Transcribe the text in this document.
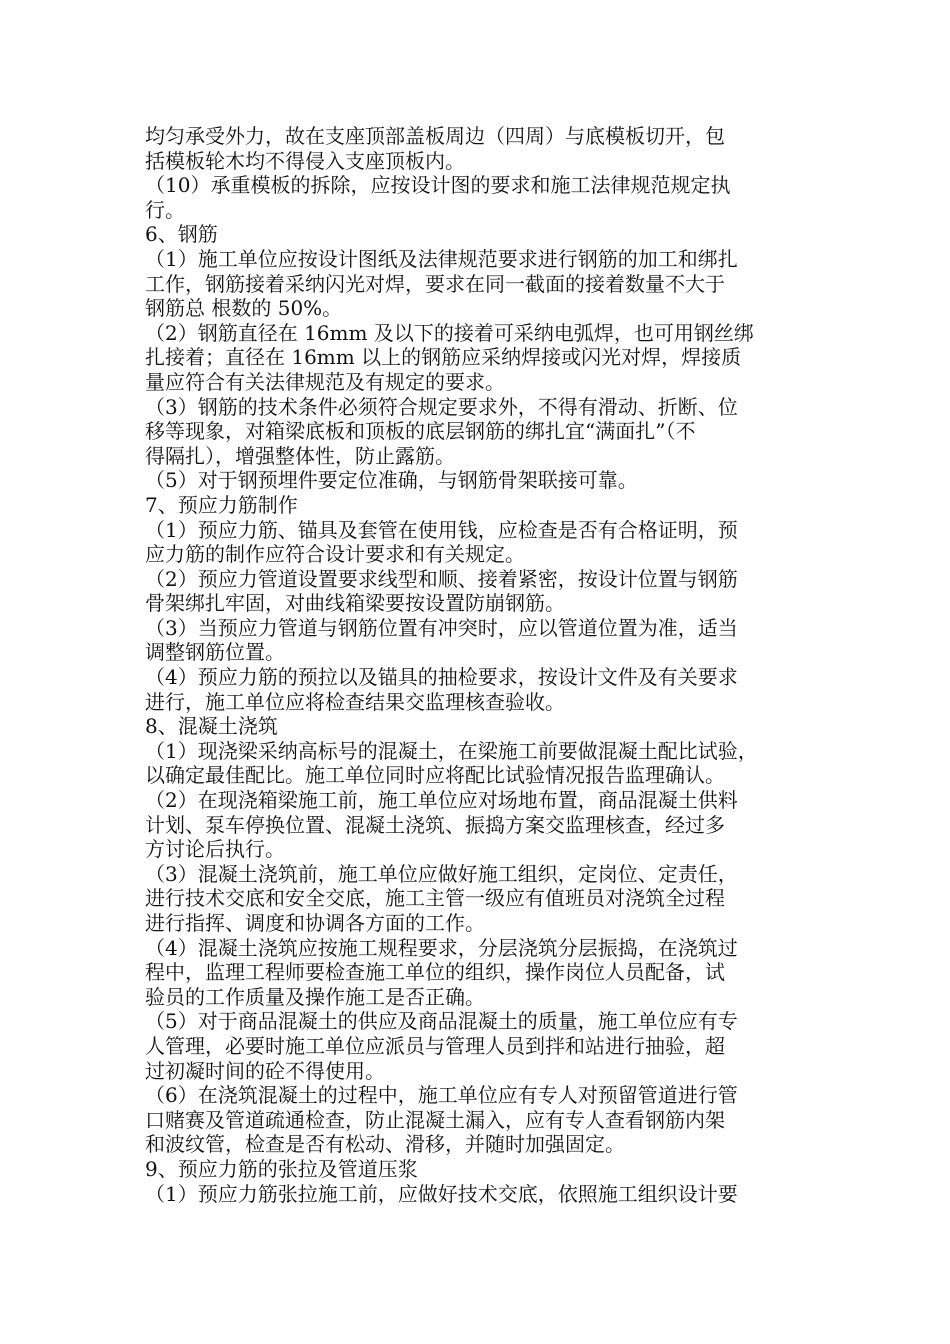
均匀承受外力，故在支座顶部盖板周边（四周）与底模板切开，包
括模板轮木均不得侵入支座顶板内。
（10）承重模板的拆除，应按设计图的要求和施工法律规范规定执
行。
6、钢筋
（1）施工单位应按设计图纸及法律规范要求进行钢筋的加工和绑扎
工作，钢筋接着采纳闪光对焊，要求在同一截面的接着数量不大于
钢筋总 根数的 50%。
（2）钢筋直径在 16mm 及以下的接着可采纳电弧焊，也可用钢丝绑
扎接着；直径在 16mm 以上的钢筋应采纳焊接或闪光对焊，焊接质
量应符合有关法律规范及有规定的要求。
（3）钢筋的技术条件必须符合规定要求外，不得有滑动、折断、位
移等现象，对箱梁底板和顶板的底层钢筋的绑扎宜“满面扎”（不
得隔扎），增强整体性，防止露筋。
（5）对于钢预埋件要定位准确，与钢筋骨架联接可靠。
7、预应力筋制作
（1）预应力筋、锚具及套管在使用钱，应检查是否有合格证明，预
应力筋的制作应符合设计要求和有关规定。
（2）预应力管道设置要求线型和顺、接着紧密，按设计位置与钢筋
骨架绑扎牢固，对曲线箱梁要按设置防崩钢筋。
（3）当预应力管道与钢筋位置有冲突时，应以管道位置为准，适当
调整钢筋位置。
（4）预应力筋的预拉以及锚具的抽检要求，按设计文件及有关要求
进行，施工单位应将检查结果交监理核查验收。
8、混凝土浇筑
（1）现浇梁采纳高标号的混凝土，在梁施工前要做混凝土配比试验，
以确定最佳配比。施工单位同时应将配比试验情况报告监理确认。
（2）在现浇箱梁施工前，施工单位应对场地布置，商品混凝土供料
计划、泵车停换位置、混凝土浇筑、振捣方案交监理核查，经过多
方讨论后执行。
（3）混凝土浇筑前，施工单位应做好施工组织，定岗位、定责任，
进行技术交底和安全交底，施工主管一级应有值班员对浇筑全过程
进行指挥、调度和协调各方面的工作。
（4）混凝土浇筑应按施工规程要求，分层浇筑分层振捣，在浇筑过
程中，监理工程师要检查施工单位的组织，操作岗位人员配备，试
验员的工作质量及操作施工是否正确。
（5）对于商品混凝土的供应及商品混凝土的质量，施工单位应有专
人管理，必要时施工单位应派员与管理人员到拌和站进行抽验，超
过初凝时间的砼不得使用。
（6）在浇筑混凝土的过程中，施工单位应有专人对预留管道进行管
口赌赛及管道疏通检查，防止混凝土漏入，应有专人查看钢筋内架
和波纹管，检查是否有松动、滑移，并随时加强固定。
9、预应力筋的张拉及管道压浆
（1）预应力筋张拉施工前，应做好技术交底，依照施工组织设计要
